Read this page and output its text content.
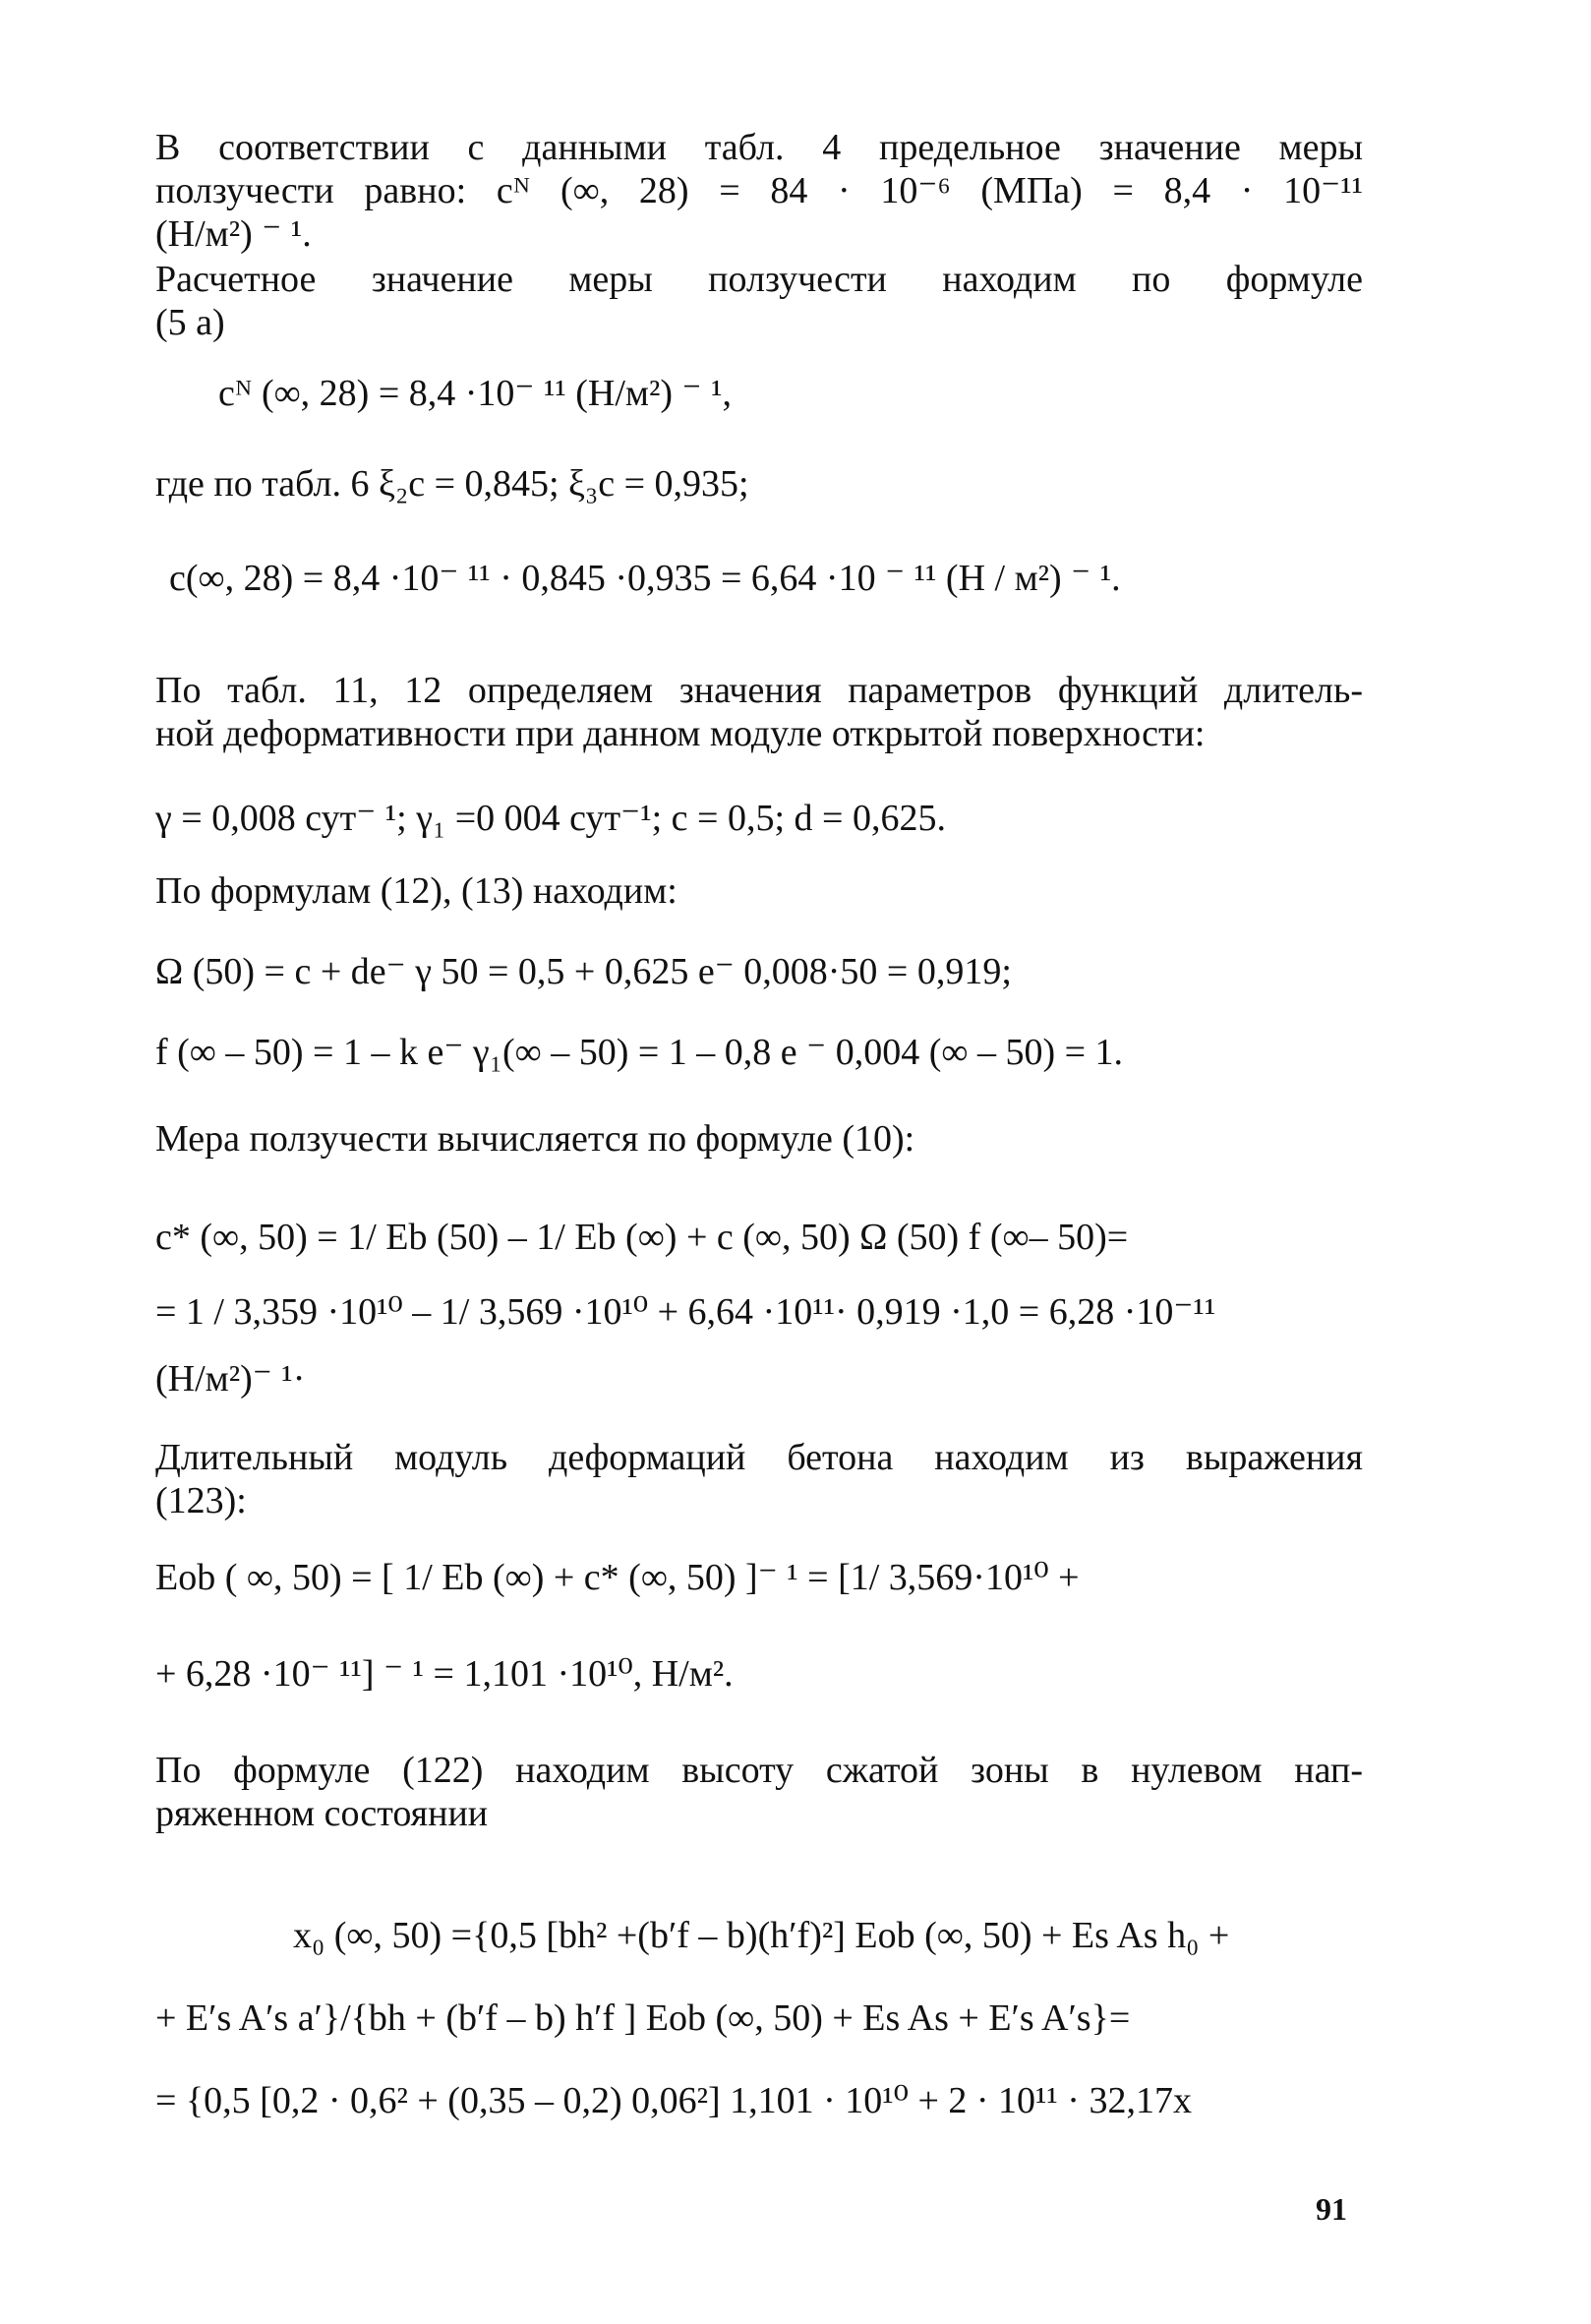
В соответствии с данными табл. 4 предельное значение меры
ползучести равно: cᴺ (∞, 28) = 84 · 10⁻⁶ (МПа) = 8,4 · 10⁻¹¹
(Н/м²) ⁻ ¹.
Расчетное значение меры ползучести находим по формуле
(5 а)
cᴺ (∞, 28) = 8,4 ·10⁻ ¹¹ (Н/м²) ⁻ ¹,
где по табл. 6 ξ₂c = 0,845; ξ₃c = 0,935;
c(∞, 28) = 8,4 ·10⁻ ¹¹ · 0,845 ·0,935 = 6,64 ·10 ⁻ ¹¹ (Н / м²) ⁻ ¹.
По табл. 11, 12 определяем значения параметров функций длитель-
ной деформативности при данном модуле открытой поверхности:
γ = 0,008 сут⁻ ¹; γ₁ =0 004 сут⁻¹; c = 0,5; d = 0,625.
По формулам (12), (13) находим:
Ω (50) = c + de⁻ γ 50 = 0,5 + 0,625 e⁻ 0,008·50 = 0,919;
f (∞ – 50) = 1 – k e⁻ γ₁(∞ – 50) = 1 – 0,8 e ⁻ 0,004 (∞ – 50) = 1.
Мера ползучести вычисляется по формуле (10):
c* (∞, 50) = 1/ Eb (50) – 1/ Eb (∞) + c (∞, 50) Ω (50) f (∞– 50)=
= 1 / 3,359 ·10¹⁰ – 1/ 3,569 ·10¹⁰ + 6,64 ·10¹¹· 0,919 ·1,0 = 6,28 ·10⁻¹¹
(Н/м²)⁻ ¹·
Длительный модуль деформаций бетона находим из выражения
(123):
Eob ( ∞, 50) = [ 1/ Eb (∞) + c* (∞, 50) ]⁻ ¹ = [1/ 3,569·10¹⁰ +
+ 6,28 ·10⁻ ¹¹] ⁻ ¹ = 1,101 ·10¹⁰, Н/м².
По формуле (122) находим высоту сжатой зоны в нулевом нап-
ряженном состоянии
x₀ (∞, 50) ={0,5 [bh² +(b′f – b)(h′f)²] Eob (∞, 50) + Es As h₀ +
+ E′s A′s a′}/{bh + (b′f – b) h′f ] Eob (∞, 50) + Es As + E′s A′s}=
= {0,5 [0,2 · 0,6² + (0,35 – 0,2) 0,06²] 1,101 · 10¹⁰ + 2 · 10¹¹ · 32,17x
91
